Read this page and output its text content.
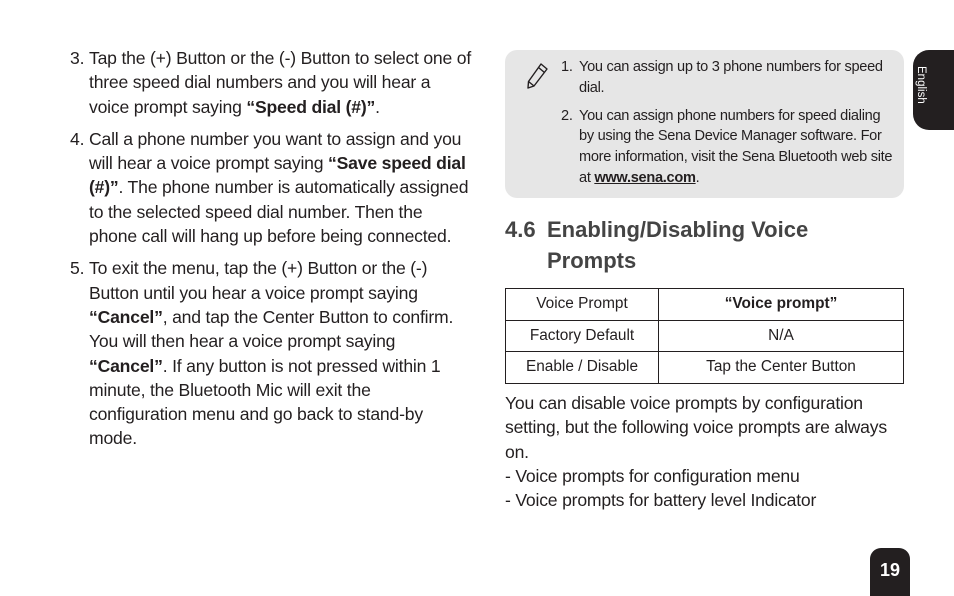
3. Tap the (+) Button or the (-) Button to select one of three speed dial numbers and you will hear a voice prompt saying “Speed dial (#)”.
4. Call a phone number you want to assign and you will hear a voice prompt saying “Save speed dial (#)”. The phone number is automatically assigned to the selected speed dial number. Then the phone call will hang up before being connected.
5. To exit the menu, tap the (+) Button or the (-) Button until you hear a voice prompt saying “Cancel”, and tap the Center Button to confirm. You will then hear a voice prompt saying “Cancel”. If any button is not pressed within 1 minute, the Bluetooth Mic will exit the configuration menu and go back to stand-by mode.
1. You can assign up to 3 phone numbers for speed dial.
2. You can assign phone numbers for speed dialing by using the Sena Device Manager software. For more information, visit the Sena Bluetooth web site at www.sena.com.
4.6 Enabling/Disabling Voice
Prompts
Voice Prompt	“Voice prompt”
Factory Default	N/A
Enable / Disable	Tap the Center Button

You can disable voice prompts by configuration setting, but the following voice prompts are always on.

- Voice prompts for configuration menu

- Voice prompts for battery level Indicator

English
19
